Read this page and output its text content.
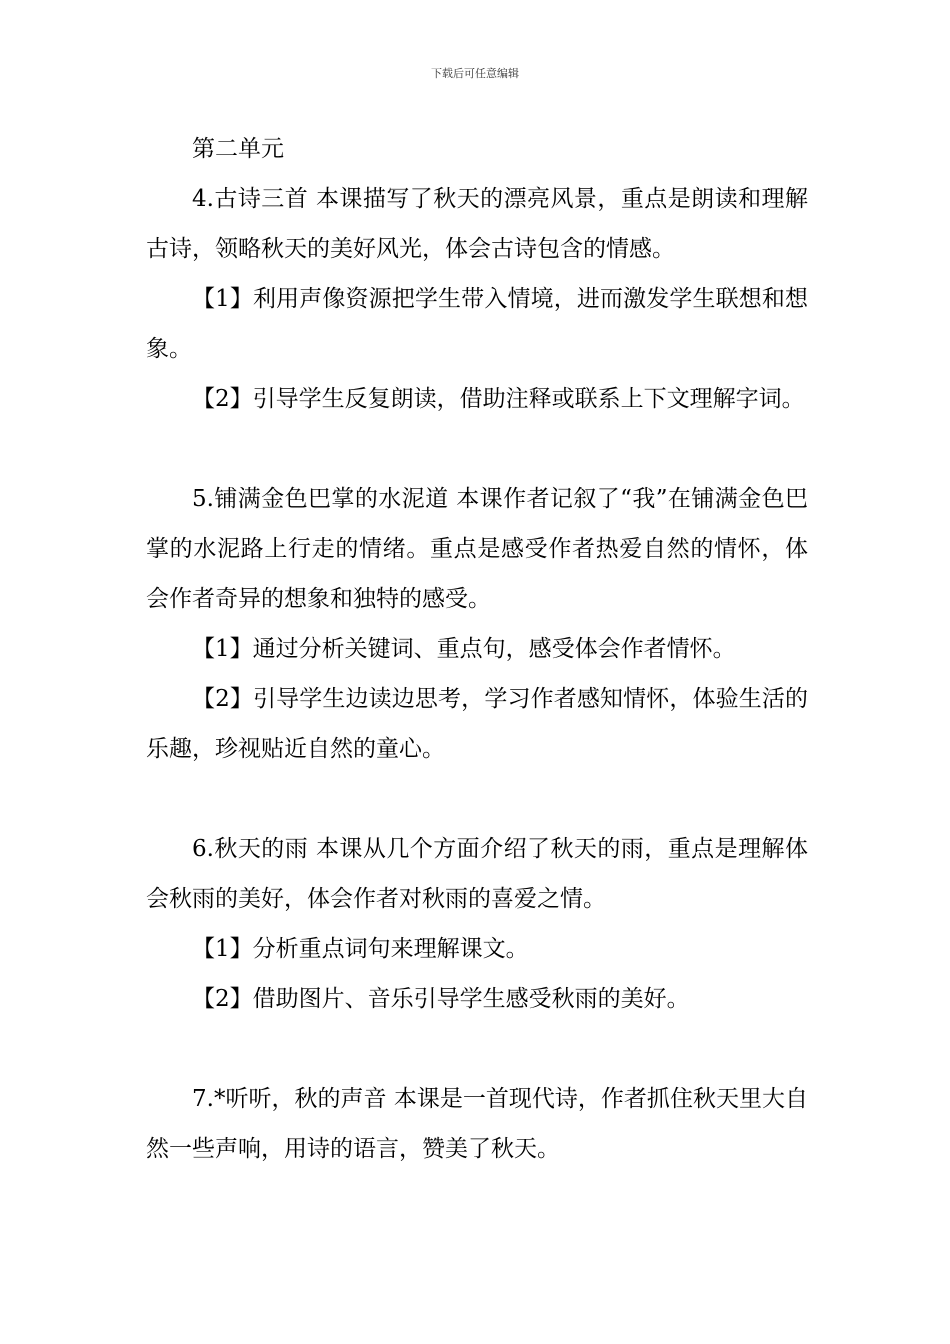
下载后可任意编辑

第二单元

4.古诗三首 本课描写了秋天的漂亮风景，重点是朗读和理解古诗，领略秋天的美好风光，体会古诗包含的情感。

【1】利用声像资源把学生带入情境，进而激发学生联想和想象。

【2】引导学生反复朗读，借助注释或联系上下文理解字词。

5.铺满金色巴掌的水泥道 本课作者记叙了“我”在铺满金色巴掌的水泥路上行走的情绪。重点是感受作者热爱自然的情怀，体会作者奇异的想象和独特的感受。

【1】通过分析关键词、重点句，感受体会作者情怀。

【2】引导学生边读边思考，学习作者感知情怀，体验生活的乐趣，珍视贴近自然的童心。

6.秋天的雨 本课从几个方面介绍了秋天的雨，重点是理解体会秋雨的美好，体会作者对秋雨的喜爱之情。

【1】分析重点词句来理解课文。

【2】借助图片、音乐引导学生感受秋雨的美好。

7.*听听，秋的声音 本课是一首现代诗，作者抓住秋天里大自然一些声响，用诗的语言，赞美了秋天。
